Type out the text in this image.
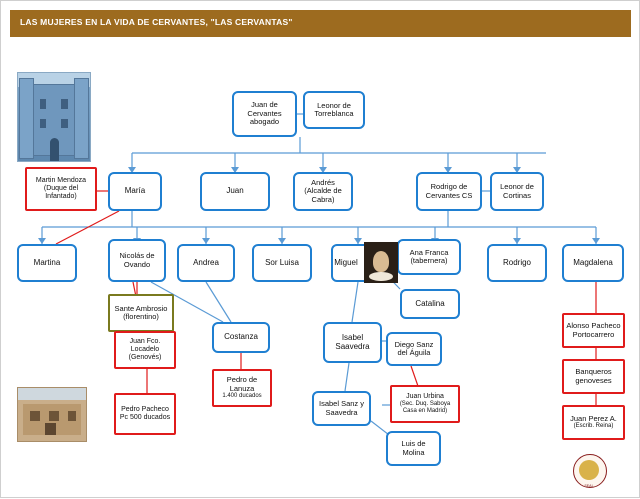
LAS MUJERES EN LA VIDA DE CERVANTES, "LAS CERVANTAS"
SEAL
Juan de Cervantes abogado
Leonor de Torreblanca
Martin Mendoza (Duque del Infantado)
María	Juan
Andrés (Alcalde de Cabra)
Rodrigo de Cervantes CS
Leonor de Cortinas
Martina
Nicolás de Ovando	Andrea	Sor Luisa	Miguel
Ana Franca (tabernera)	Rodrigo	Magdalena
Sante Ambrosio (florentino)
Catalina
Costanza	Isabel Saavedra	Diego Sanz del Águila
Juan Fco. Locadelo (Genovés)
Pedro Pacheco Pc 500 ducados
Pedro de Lanuza
1.400 ducados
Isabel Sanz y Saavedra
Juan Urbina
(Sec. Duq. Saboya Casa en Madrid)
Luis de Molina
Alonso Pacheco Portocarrero
Banqueros genoveses
Juan Perez A.
(Escrib. Reina)
